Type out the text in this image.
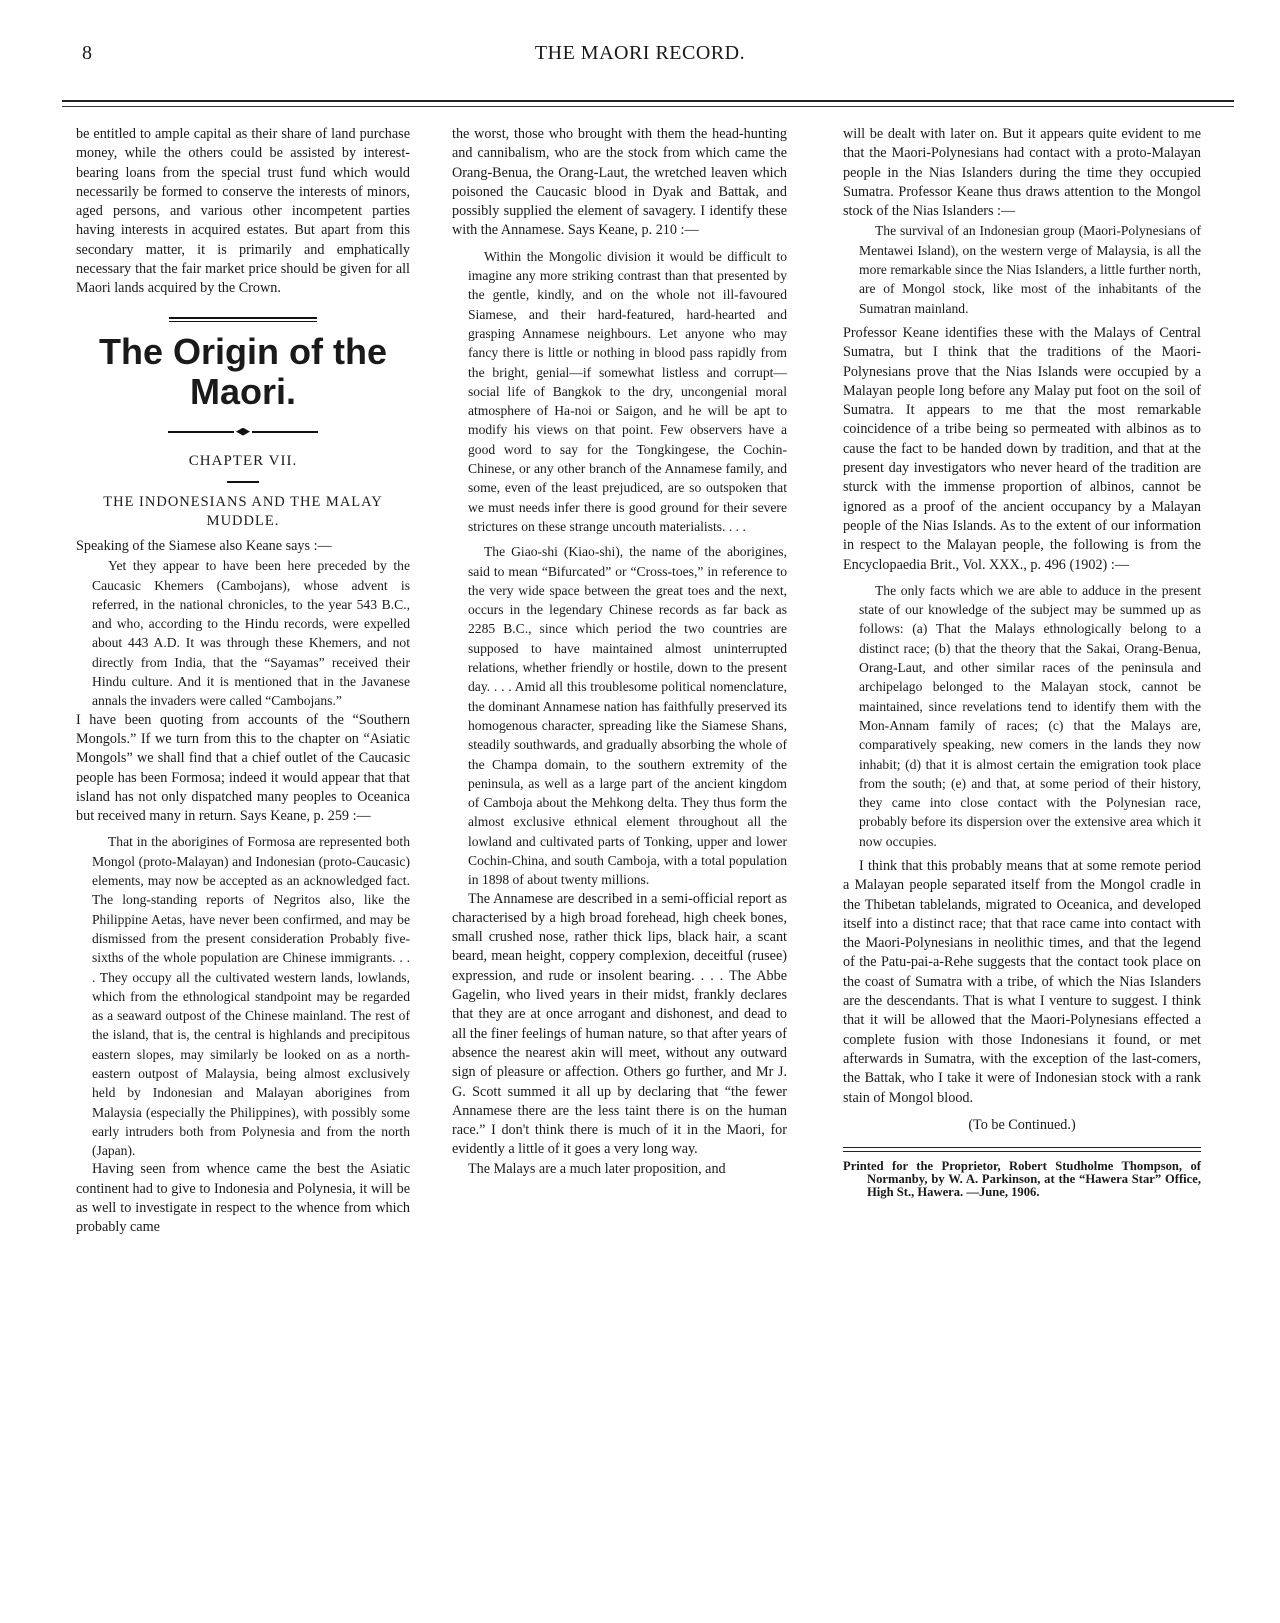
8	THE MAORI RECORD.

be entitled to ample capital as their share of land purchase money, while the others could be assisted by interest-bearing loans from the special trust fund which would necessarily be formed to conserve the interests of minors, aged persons, and various other incompetent parties having interests in acquired estates. But apart from this secondary matter, it is primarily and emphatically necessary that the fair market price should be given for all Maori lands acquired by the Crown.

The Origin of the Maori.
CHAPTER VII.
THE INDONESIANS AND THE MALAY MUDDLE.

Speaking of the Siamese also Keane says :—

Yet they appear to have been here preceded by the Caucasic Khemers (Cambojans), whose advent is referred, in the national chronicles, to the year 543 B.C., and who, according to the Hindu records, were expelled about 443 A.D. It was through these Khemers, and not directly from India, that the “Sayamas” received their Hindu culture. And it is mentioned that in the Javanese annals the invaders were called “Cambojans.”

I have been quoting from accounts of the “Southern Mongols.” If we turn from this to the chapter on “Asiatic Mongols” we shall find that a chief outlet of the Caucasic people has been Formosa; indeed it would appear that that island has not only dispatched many peoples to Oceanica but received many in return. Says Keane, p. 259 :—

That in the aborigines of Formosa are represented both Mongol (proto-Malayan) and Indonesian (proto-Caucasic) elements, may now be accepted as an acknowledged fact. The long-standing reports of Negritos also, like the Philippine Aetas, have never been confirmed, and may be dismissed from the present consideration Probably five-sixths of the whole population are Chinese immigrants. . . . They occupy all the cultivated western lands, lowlands, which from the ethnological standpoint may be regarded as a seaward outpost of the Chinese mainland. The rest of the island, that is, the central is highlands and precipitous eastern slopes, may similarly be looked on as a north-eastern outpost of Malaysia, being almost exclusively held by Indonesian and Malayan aborigines from Malaysia (especially the Philippines), with possibly some early intruders both from Polynesia and from the north (Japan).

Having seen from whence came the best the Asiatic continent had to give to Indonesia and Polynesia, it will be as well to investigate in respect to the whence from which probably came

the worst, those who brought with them the head-hunting and cannibalism, who are the stock from which came the Orang-Benua, the Orang-Laut, the wretched leaven which poisoned the Caucasic blood in Dyak and Battak, and possibly supplied the element of savagery. I identify these with the Annamese. Says Keane, p. 210 :—

Within the Mongolic division it would be difficult to imagine any more striking contrast than that presented by the gentle, kindly, and on the whole not ill-favoured Siamese, and their hard-featured, hard-hearted and grasping Annamese neighbours. Let anyone who may fancy there is little or nothing in blood pass rapidly from the bright, genial—if somewhat listless and corrupt—social life of Bangkok to the dry, uncongenial moral atmosphere of Ha-noi or Saigon, and he will be apt to modify his views on that point. Few observers have a good word to say for the Tongkingese, the Cochin-Chinese, or any other branch of the Annamese family, and some, even of the least prejudiced, are so outspoken that we must needs infer there is good ground for their severe strictures on these strange uncouth materialists. . . .

The Giao-shi (Kiao-shi), the name of the aborigines, said to mean “Bifurcated” or “Cross-toes,” in reference to the very wide space between the great toes and the next, occurs in the legendary Chinese records as far back as 2285 B.C., since which period the two countries are supposed to have maintained almost uninterrupted relations, whether friendly or hostile, down to the present day. . . . Amid all this troublesome political nomenclature, the dominant Annamese nation has faithfully preserved its homogenous character, spreading like the Siamese Shans, steadily southwards, and gradually absorbing the whole of the Champa domain, to the southern extremity of the peninsula, as well as a large part of the ancient kingdom of Camboja about the Mehkong delta. They thus form the almost exclusive ethnical element throughout all the lowland and cultivated parts of Tonking, upper and lower Cochin-China, and south Camboja, with a total population in 1898 of about twenty millions.

The Annamese are described in a semi-official report as characterised by a high broad forehead, high cheek bones, small crushed nose, rather thick lips, black hair, a scant beard, mean height, coppery complexion, deceitful (rusee) expression, and rude or insolent bearing. . . . The Abbe Gagelin, who lived years in their midst, frankly declares that they are at once arrogant and dishonest, and dead to all the finer feelings of human nature, so that after years of absence the nearest akin will meet, without any outward sign of pleasure or affection. Others go further, and Mr J. G. Scott summed it all up by declaring that “the fewer Annamese there are the less taint there is on the human race.” I don't think there is much of it in the Maori, for evidently a little of it goes a very long way.

The Malays are a much later proposition, and

will be dealt with later on. But it appears quite evident to me that the Maori-Polynesians had contact with a proto-Malayan people in the Nias Islanders during the time they occupied Sumatra. Professor Keane thus draws attention to the Mongol stock of the Nias Islanders :—

The survival of an Indonesian group (Maori-Polynesians of Mentawei Island), on the western verge of Malaysia, is all the more remarkable since the Nias Islanders, a little further north, are of Mongol stock, like most of the inhabitants of the Sumatran mainland.

Professor Keane identifies these with the Malays of Central Sumatra, but I think that the traditions of the Maori-Polynesians prove that the Nias Islands were occupied by a Malayan people long before any Malay put foot on the soil of Sumatra. It appears to me that the most remarkable coincidence of a tribe being so permeated with albinos as to cause the fact to be handed down by tradition, and that at the present day investigators who never heard of the tradition are sturck with the immense proportion of albinos, cannot be ignored as a proof of the ancient occupancy by a Malayan people of the Nias Islands. As to the extent of our information in respect to the Malayan people, the following is from the Encyclopaedia Brit., Vol. XXX., p. 496 (1902) :—

The only facts which we are able to adduce in the present state of our knowledge of the subject may be summed up as follows: (a) That the Malays ethnologically belong to a distinct race; (b) that the theory that the Sakai, Orang-Benua, Orang-Laut, and other similar races of the peninsula and archipelago belonged to the Malayan stock, cannot be maintained, since revelations tend to identify them with the Mon-Annam family of races; (c) that the Malays are, comparatively speaking, new comers in the lands they now inhabit; (d) that it is almost certain the emigration took place from the south; (e) and that, at some period of their history, they came into close contact with the Polynesian race, probably before its dispersion over the extensive area which it now occupies.

I think that this probably means that at some remote period a Malayan people separated itself from the Mongol cradle in the Thibetan tablelands, migrated to Oceanica, and developed itself into a distinct race; that that race came into contact with the Maori-Polynesians in neolithic times, and that the legend of the Patu-pai-a-Rehe suggests that the contact took place on the coast of Sumatra with a tribe, of which the Nias Islanders are the descendants. That is what I venture to suggest. I think that it will be allowed that the Maori-Polynesians effected a complete fusion with those Indonesians it found, or met afterwards in Sumatra, with the exception of the last-comers, the Battak, who I take it were of Indonesian stock with a rank stain of Mongol blood.

(To be Continued.)
Printed for the Proprietor, Robert Studholme Thompson, of Normanby, by W. A. Parkinson, at the “Hawera Star” Office, High St., Hawera. —June, 1906.
